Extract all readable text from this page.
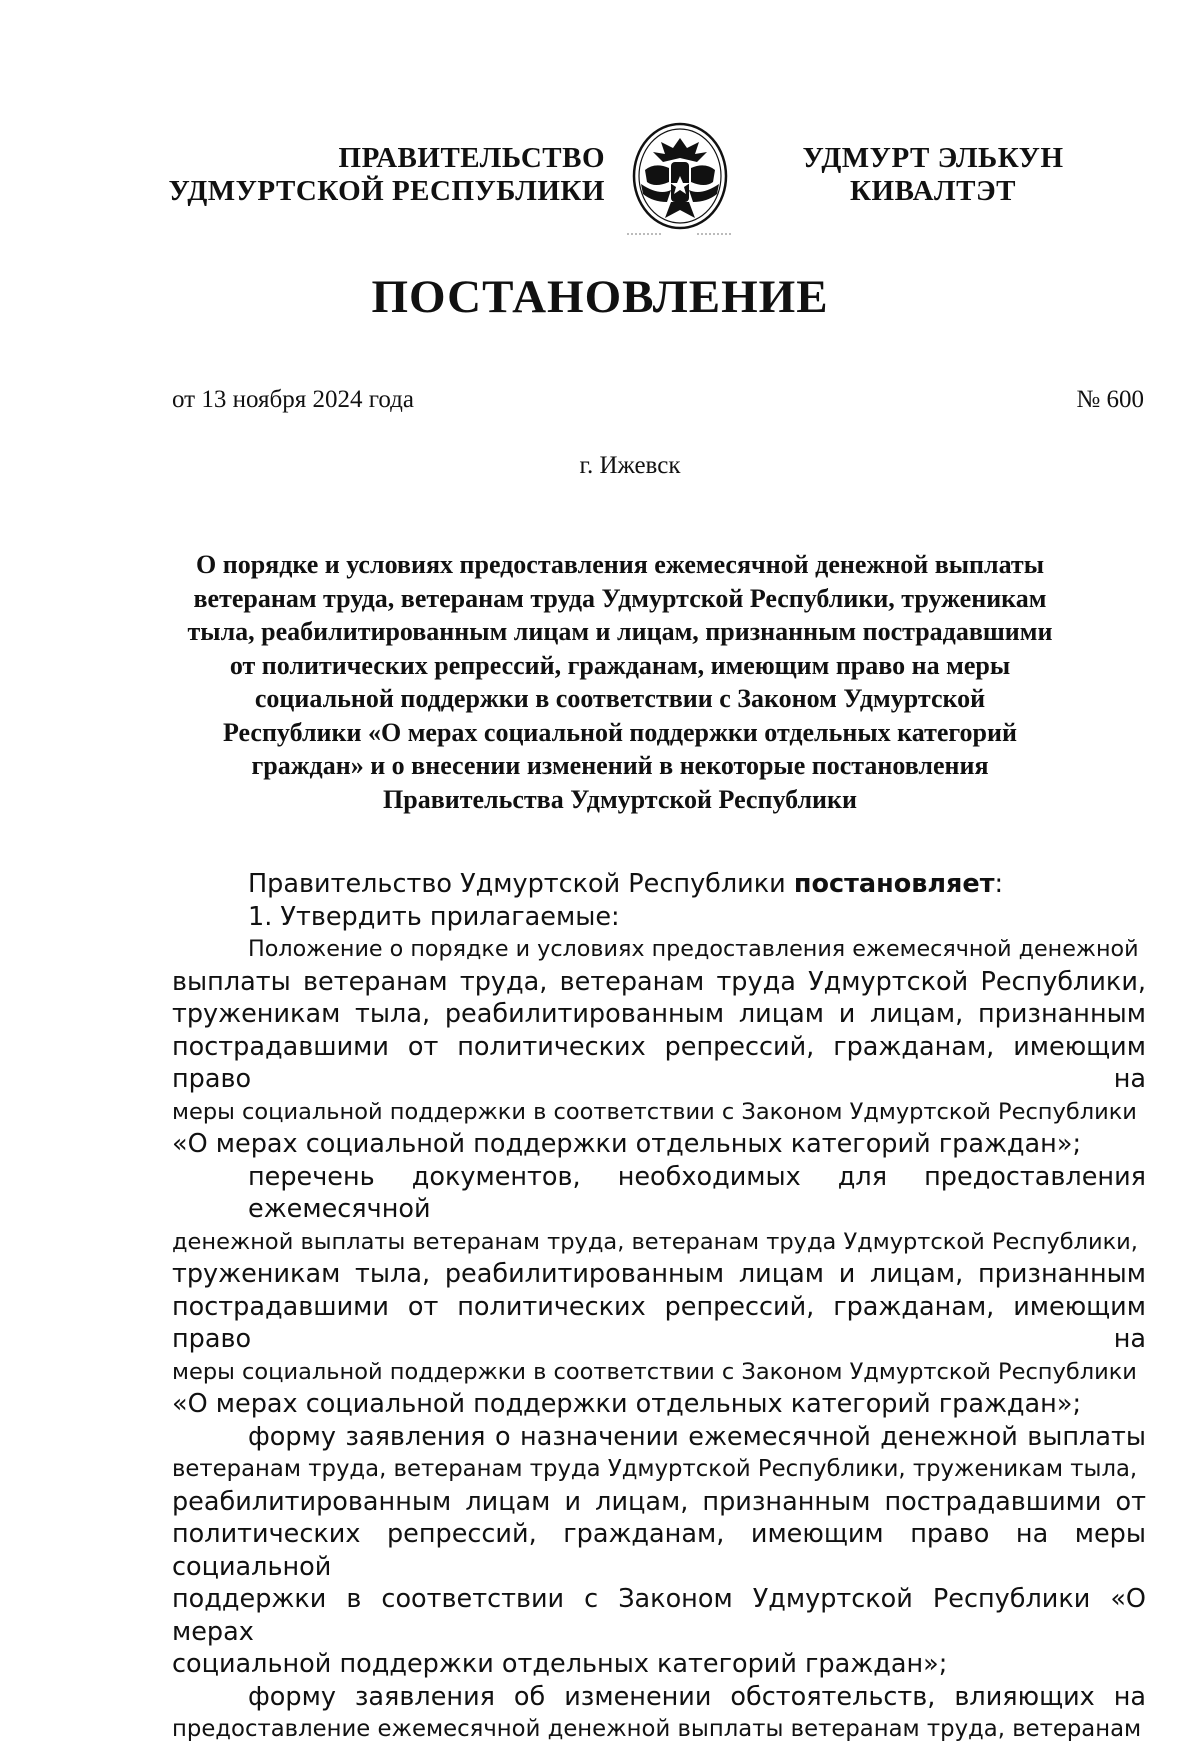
ПРАВИТЕЛЬСТВО
УДМУРТСКОЙ РЕСПУБЛИКИ
УДМУРТ ЭЛЬКУН
КИВАЛТЭТ
ПОСТАНОВЛЕНИЕ
от 13 ноября 2024 года	№ 600
г. Ижевск
О порядке и условиях предоставления ежемесячной денежной выплаты
ветеранам труда, ветеранам труда Удмуртской Республики, труженикам
тыла, реабилитированным лицам и лицам, признанным пострадавшими
от политических репрессий, гражданам, имеющим право на меры
социальной поддержки в соответствии с Законом Удмуртской
Республики «О мерах социальной поддержки отдельных категорий
граждан» и о внесении изменений в некоторые постановления
Правительства Удмуртской Республики
Правительство Удмуртской Республики постановляет:
1. Утвердить прилагаемые:
Положение о порядке и условиях предоставления ежемесячной денежной
выплаты ветеранам труда, ветеранам труда Удмуртской Республики,
труженикам тыла, реабилитированным лицам и лицам, признанным
пострадавшими от политических репрессий, гражданам, имеющим право на
меры социальной поддержки в соответствии с Законом Удмуртской Республики
«О мерах социальной поддержки отдельных категорий граждан»;
перечень документов, необходимых для предоставления ежемесячной
денежной выплаты ветеранам труда, ветеранам труда Удмуртской Республики,
труженикам тыла, реабилитированным лицам и лицам, признанным
пострадавшими от политических репрессий, гражданам, имеющим право на
меры социальной поддержки в соответствии с Законом Удмуртской Республики
«О мерах социальной поддержки отдельных категорий граждан»;
форму заявления о назначении ежемесячной денежной выплаты
ветеранам труда, ветеранам труда Удмуртской Республики, труженикам тыла,
реабилитированным лицам и лицам, признанным пострадавшими от
политических репрессий, гражданам, имеющим право на меры социальной
поддержки в соответствии с Законом Удмуртской Республики «О мерах
социальной поддержки отдельных категорий граждан»;
форму заявления об изменении обстоятельств, влияющих на
предоставление ежемесячной денежной выплаты ветеранам труда, ветеранам
